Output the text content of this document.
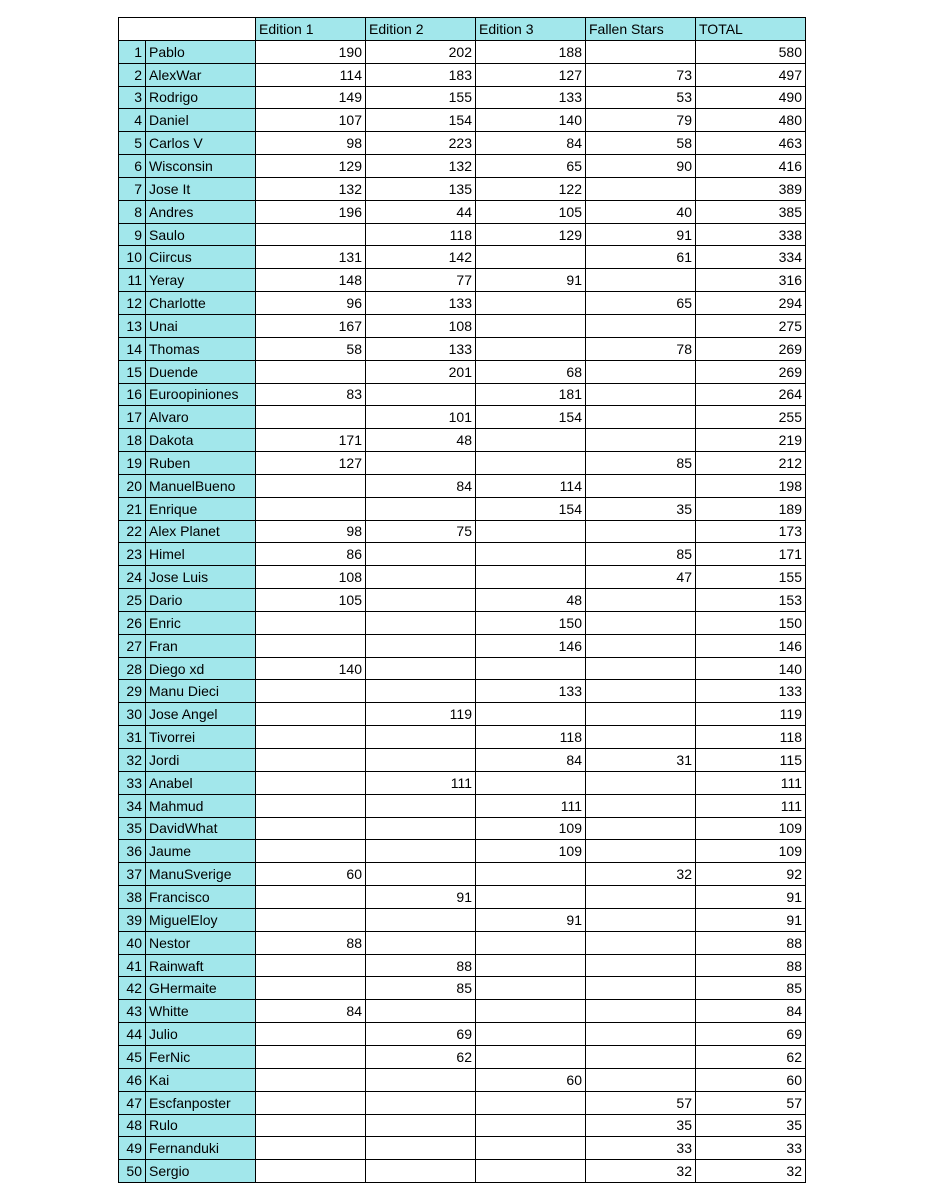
		Edition 1	Edition 2	Edition 3	Fallen Stars	TOTAL
1	Pablo	190	202	188		580
2	AlexWar	114	183	127	73	497
3	Rodrigo	149	155	133	53	490
4	Daniel	107	154	140	79	480
5	Carlos V	98	223	84	58	463
6	Wisconsin	129	132	65	90	416
7	Jose It	132	135	122		389
8	Andres	196	44	105	40	385
9	Saulo		118	129	91	338
10	Ciircus	131	142		61	334
11	Yeray	148	77	91		316
12	Charlotte	96	133		65	294
13	Unai	167	108			275
14	Thomas	58	133		78	269
15	Duende		201	68		269
16	Euroopiniones	83		181		264
17	Alvaro		101	154		255
18	Dakota	171	48			219
19	Ruben	127			85	212
20	ManuelBueno		84	114		198
21	Enrique			154	35	189
22	Alex Planet	98	75			173
23	Himel	86			85	171
24	Jose Luis	108			47	155
25	Dario	105		48		153
26	Enric			150		150
27	Fran			146		146
28	Diego xd	140				140
29	Manu Dieci			133		133
30	Jose Angel		119			119
31	Tivorrei			118		118
32	Jordi			84	31	115
33	Anabel		111			111
34	Mahmud			111		111
35	DavidWhat			109		109
36	Jaume			109		109
37	ManuSverige	60			32	92
38	Francisco		91			91
39	MiguelEloy			91		91
40	Nestor	88				88
41	Rainwaft		88			88
42	GHermaite		85			85
43	Whitte	84				84
44	Julio		69			69
45	FerNic		62			62
46	Kai			60		60
47	Escfanposter				57	57
48	Rulo				35	35
49	Fernanduki				33	33
50	Sergio				32	32
